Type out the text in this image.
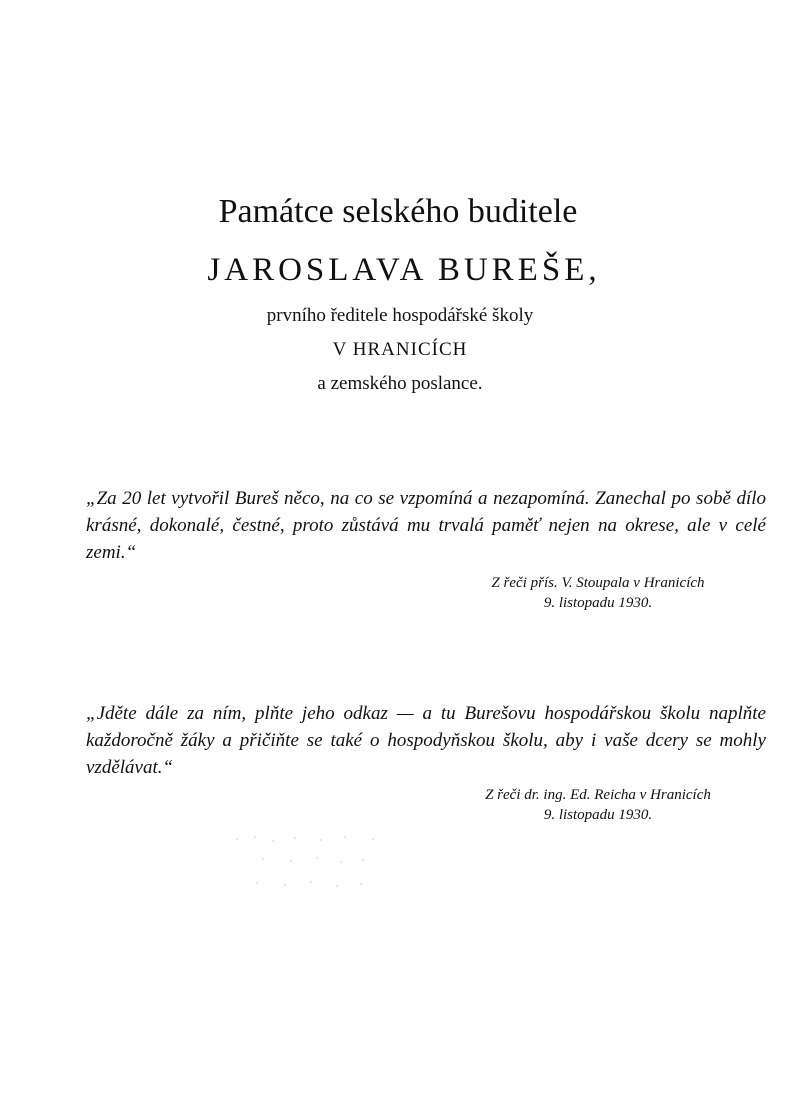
Památce selského buditele
JAROSLAVA BUREŠE,
prvního ředitele hospodářské školy
V HRANICÍCH
a zemského poslance.
„Za 20 let vytvořil Bureš něco, na co se vzpomíná a nezapomíná. Zanechal po sobě dílo krásné, dokonalé, čestné, proto zůstává mu trvalá paměť nejen na okrese, ale v celé zemi.“
Z řeči přís. V. Stoupala v Hranicích
9. listopadu 1930.
„Jděte dále za ním, plňte jeho odkaz — a tu Burešovu hospodářskou školu naplňte každoročně žáky a přičiňte se také o hospodyňskou školu, aby i vaše dcery se mohly vzdělávat.“
Z řeči dr. ing. Ed. Reicha v Hranicích
9. listopadu 1930.
